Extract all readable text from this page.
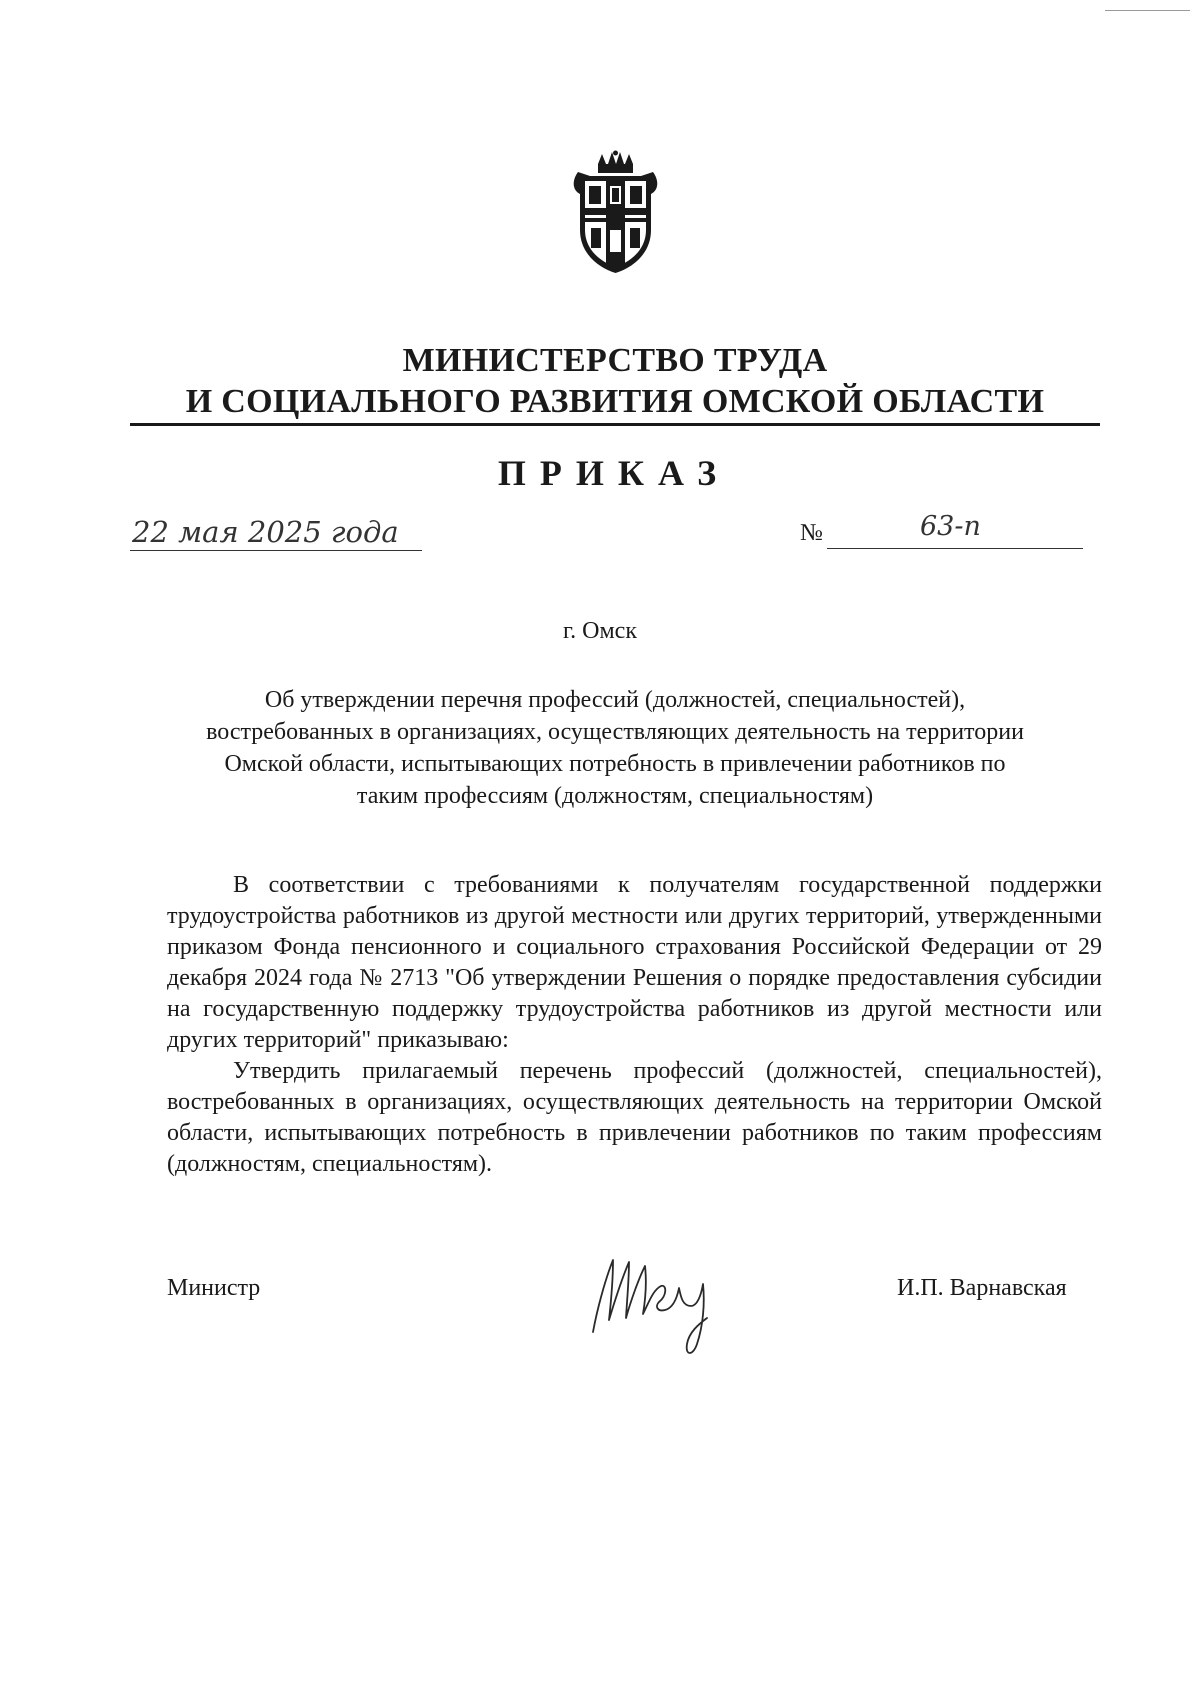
МИНИСТЕРСТВО ТРУДА
И СОЦИАЛЬНОГО РАЗВИТИЯ ОМСКОЙ ОБЛАСТИ
ПРИКАЗ
22 мая 2025 года	№	63-п
г. Омск
Об утверждении перечня профессий (должностей, специальностей),
востребованных в организациях, осуществляющих деятельность на территории
Омской области, испытывающих потребность в привлечении работников по
таким профессиям (должностям, специальностям)

В соответствии с требованиями к получателям государственной поддержки трудоустройства работников из другой местности или других территорий, утвержденными приказом Фонда пенсионного и социального страхования Российской Федерации от 29 декабря 2024 года № 2713 "Об утверждении Решения о порядке предоставления субсидии на государственную поддержку трудоустройства работников из другой местности или других территорий" приказываю:

Утвердить прилагаемый перечень профессий (должностей, специальностей), востребованных в организациях, осуществляющих деятельность на территории Омской области, испытывающих потребность в привлечении работников по таким профессиям (должностям, специальностям).

Министр	И.П. Варнавская
